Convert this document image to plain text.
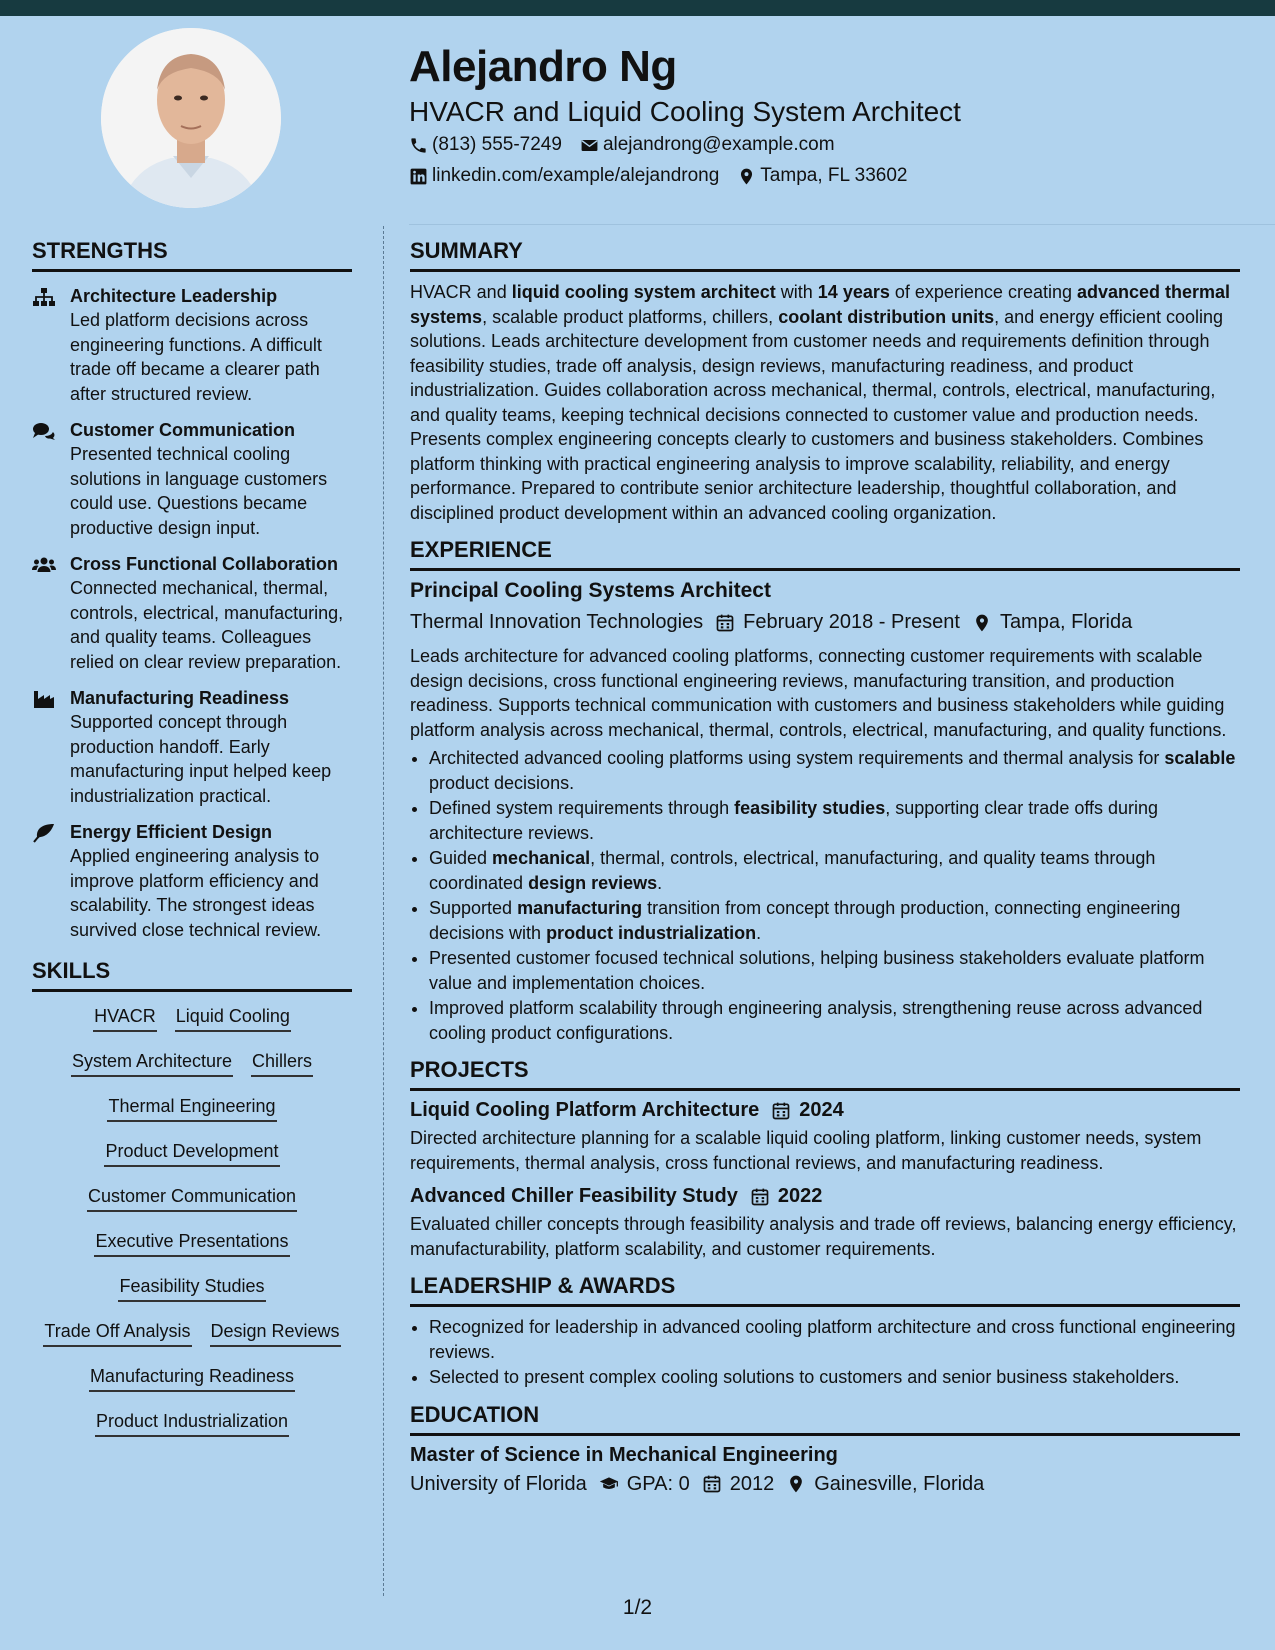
Alejandro Ng
HVACR and Liquid Cooling System Architect
(813) 555-7249 alejandrong@example.com
linkedin.com/example/alejandrong Tampa, FL 33602
STRENGTHS
Architecture Leadership
Led platform decisions across engineering functions. A difficult trade off became a clearer path after structured review.
Customer Communication
Presented technical cooling solutions in language customers could use. Questions became productive design input.
Cross Functional Collaboration
Connected mechanical, thermal, controls, electrical, manufacturing, and quality teams. Colleagues relied on clear review preparation.
Manufacturing Readiness
Supported concept through production handoff. Early manufacturing input helped keep industrialization practical.
Energy Efficient Design
Applied engineering analysis to improve platform efficiency and scalability. The strongest ideas survived close technical review.
SKILLS
HVACR Liquid Cooling
System Architecture Chillers
Thermal Engineering
Product Development
Customer Communication
Executive Presentations
Feasibility Studies
Trade Off Analysis Design Reviews
Manufacturing Readiness
Product Industrialization
SUMMARY
HVACR and liquid cooling system architect with 14 years of experience creating advanced thermal systems, scalable product platforms, chillers, coolant distribution units, and energy efficient cooling solutions. Leads architecture development from customer needs and requirements definition through feasibility studies, trade off analysis, design reviews, manufacturing readiness, and product industrialization. Guides collaboration across mechanical, thermal, controls, electrical, manufacturing, and quality teams, keeping technical decisions connected to customer value and production needs. Presents complex engineering concepts clearly to customers and business stakeholders. Combines platform thinking with practical engineering analysis to improve scalability, reliability, and energy performance. Prepared to contribute senior architecture leadership, thoughtful collaboration, and disciplined product development within an advanced cooling organization.
EXPERIENCE
Principal Cooling Systems Architect
Thermal Innovation Technologies February 2018 - Present Tampa, Florida
Leads architecture for advanced cooling platforms, connecting customer requirements with scalable design decisions, cross functional engineering reviews, manufacturing transition, and production readiness. Supports technical communication with customers and business stakeholders while guiding platform analysis across mechanical, thermal, controls, electrical, manufacturing, and quality functions.
• Architected advanced cooling platforms using system requirements and thermal analysis for scalable product decisions.
• Defined system requirements through feasibility studies, supporting clear trade offs during architecture reviews.
• Guided mechanical, thermal, controls, electrical, manufacturing, and quality teams through coordinated design reviews.
• Supported manufacturing transition from concept through production, connecting engineering decisions with product industrialization.
• Presented customer focused technical solutions, helping business stakeholders evaluate platform value and implementation choices.
• Improved platform scalability through engineering analysis, strengthening reuse across advanced cooling product configurations.
PROJECTS
Liquid Cooling Platform Architecture 2024
Directed architecture planning for a scalable liquid cooling platform, linking customer needs, system requirements, thermal analysis, cross functional reviews, and manufacturing readiness.
Advanced Chiller Feasibility Study 2022
Evaluated chiller concepts through feasibility analysis and trade off reviews, balancing energy efficiency, manufacturability, platform scalability, and customer requirements.
LEADERSHIP & AWARDS
• Recognized for leadership in advanced cooling platform architecture and cross functional engineering reviews.
• Selected to present complex cooling solutions to customers and senior business stakeholders.
EDUCATION
Master of Science in Mechanical Engineering
University of Florida GPA: 0 2012 Gainesville, Florida
1/2
